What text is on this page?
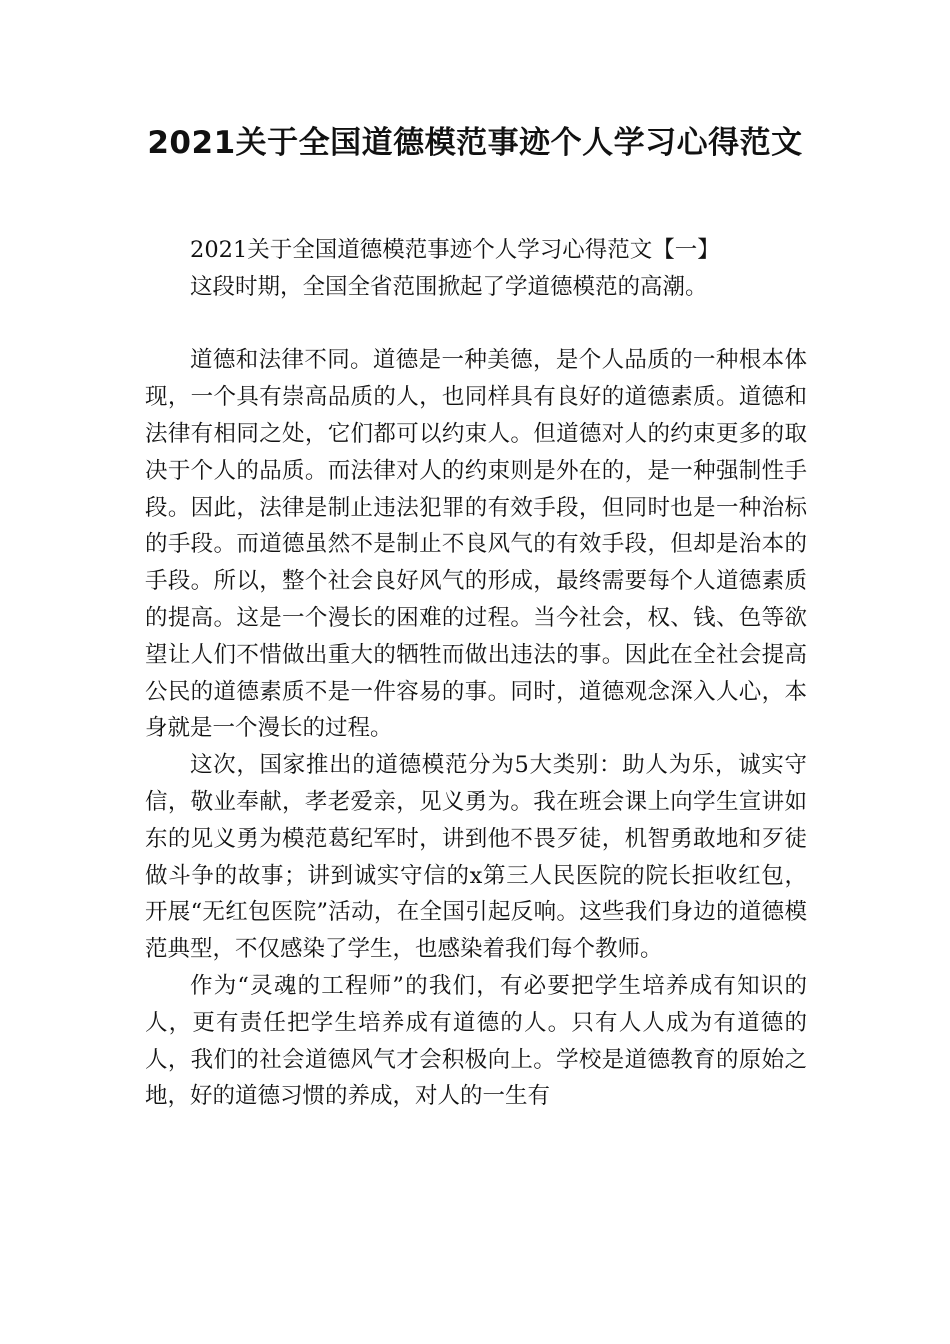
2021关于全国道德模范事迹个人学习心得范文

2021关于全国道德模范事迹个人学习心得范文【一】

这段时期，全国全省范围掀起了学道德模范的高潮。

道德和法律不同。道德是一种美德，是个人品质的一种根本体现，一个具有崇高品质的人，也同样具有良好的道德素质。道德和法律有相同之处，它们都可以约束人。但道德对人的约束更多的取决于个人的品质。而法律对人的约束则是外在的，是一种强制性手段。因此，法律是制止违法犯罪的有效手段，但同时也是一种治标的手段。而道德虽然不是制止不良风气的有效手段，但却是治本的手段。所以，整个社会良好风气的形成，最终需要每个人道德素质的提高。这是一个漫长的困难的过程。当今社会，权、钱、色等欲望让人们不惜做出重大的牺牲而做出违法的事。因此在全社会提高公民的道德素质不是一件容易的事。同时，道德观念深入人心，本身就是一个漫长的过程。

这次，国家推出的道德模范分为5大类别：助人为乐，诚实守信，敬业奉献，孝老爱亲，见义勇为。我在班会课上向学生宣讲如东的见义勇为模范葛纪军时，讲到他不畏歹徒，机智勇敢地和歹徒做斗争的故事；讲到诚实守信的x第三人民医院的院长拒收红包，开展“无红包医院”活动，在全国引起反响。这些我们身边的道德模范典型，不仅感染了学生，也感染着我们每个教师。

作为“灵魂的工程师”的我们，有必要把学生培养成有知识的人，更有责任把学生培养成有道德的人。只有人人成为有道德的人，我们的社会道德风气才会积极向上。学校是道德教育的原始之地，好的道德习惯的养成，对人的一生有
